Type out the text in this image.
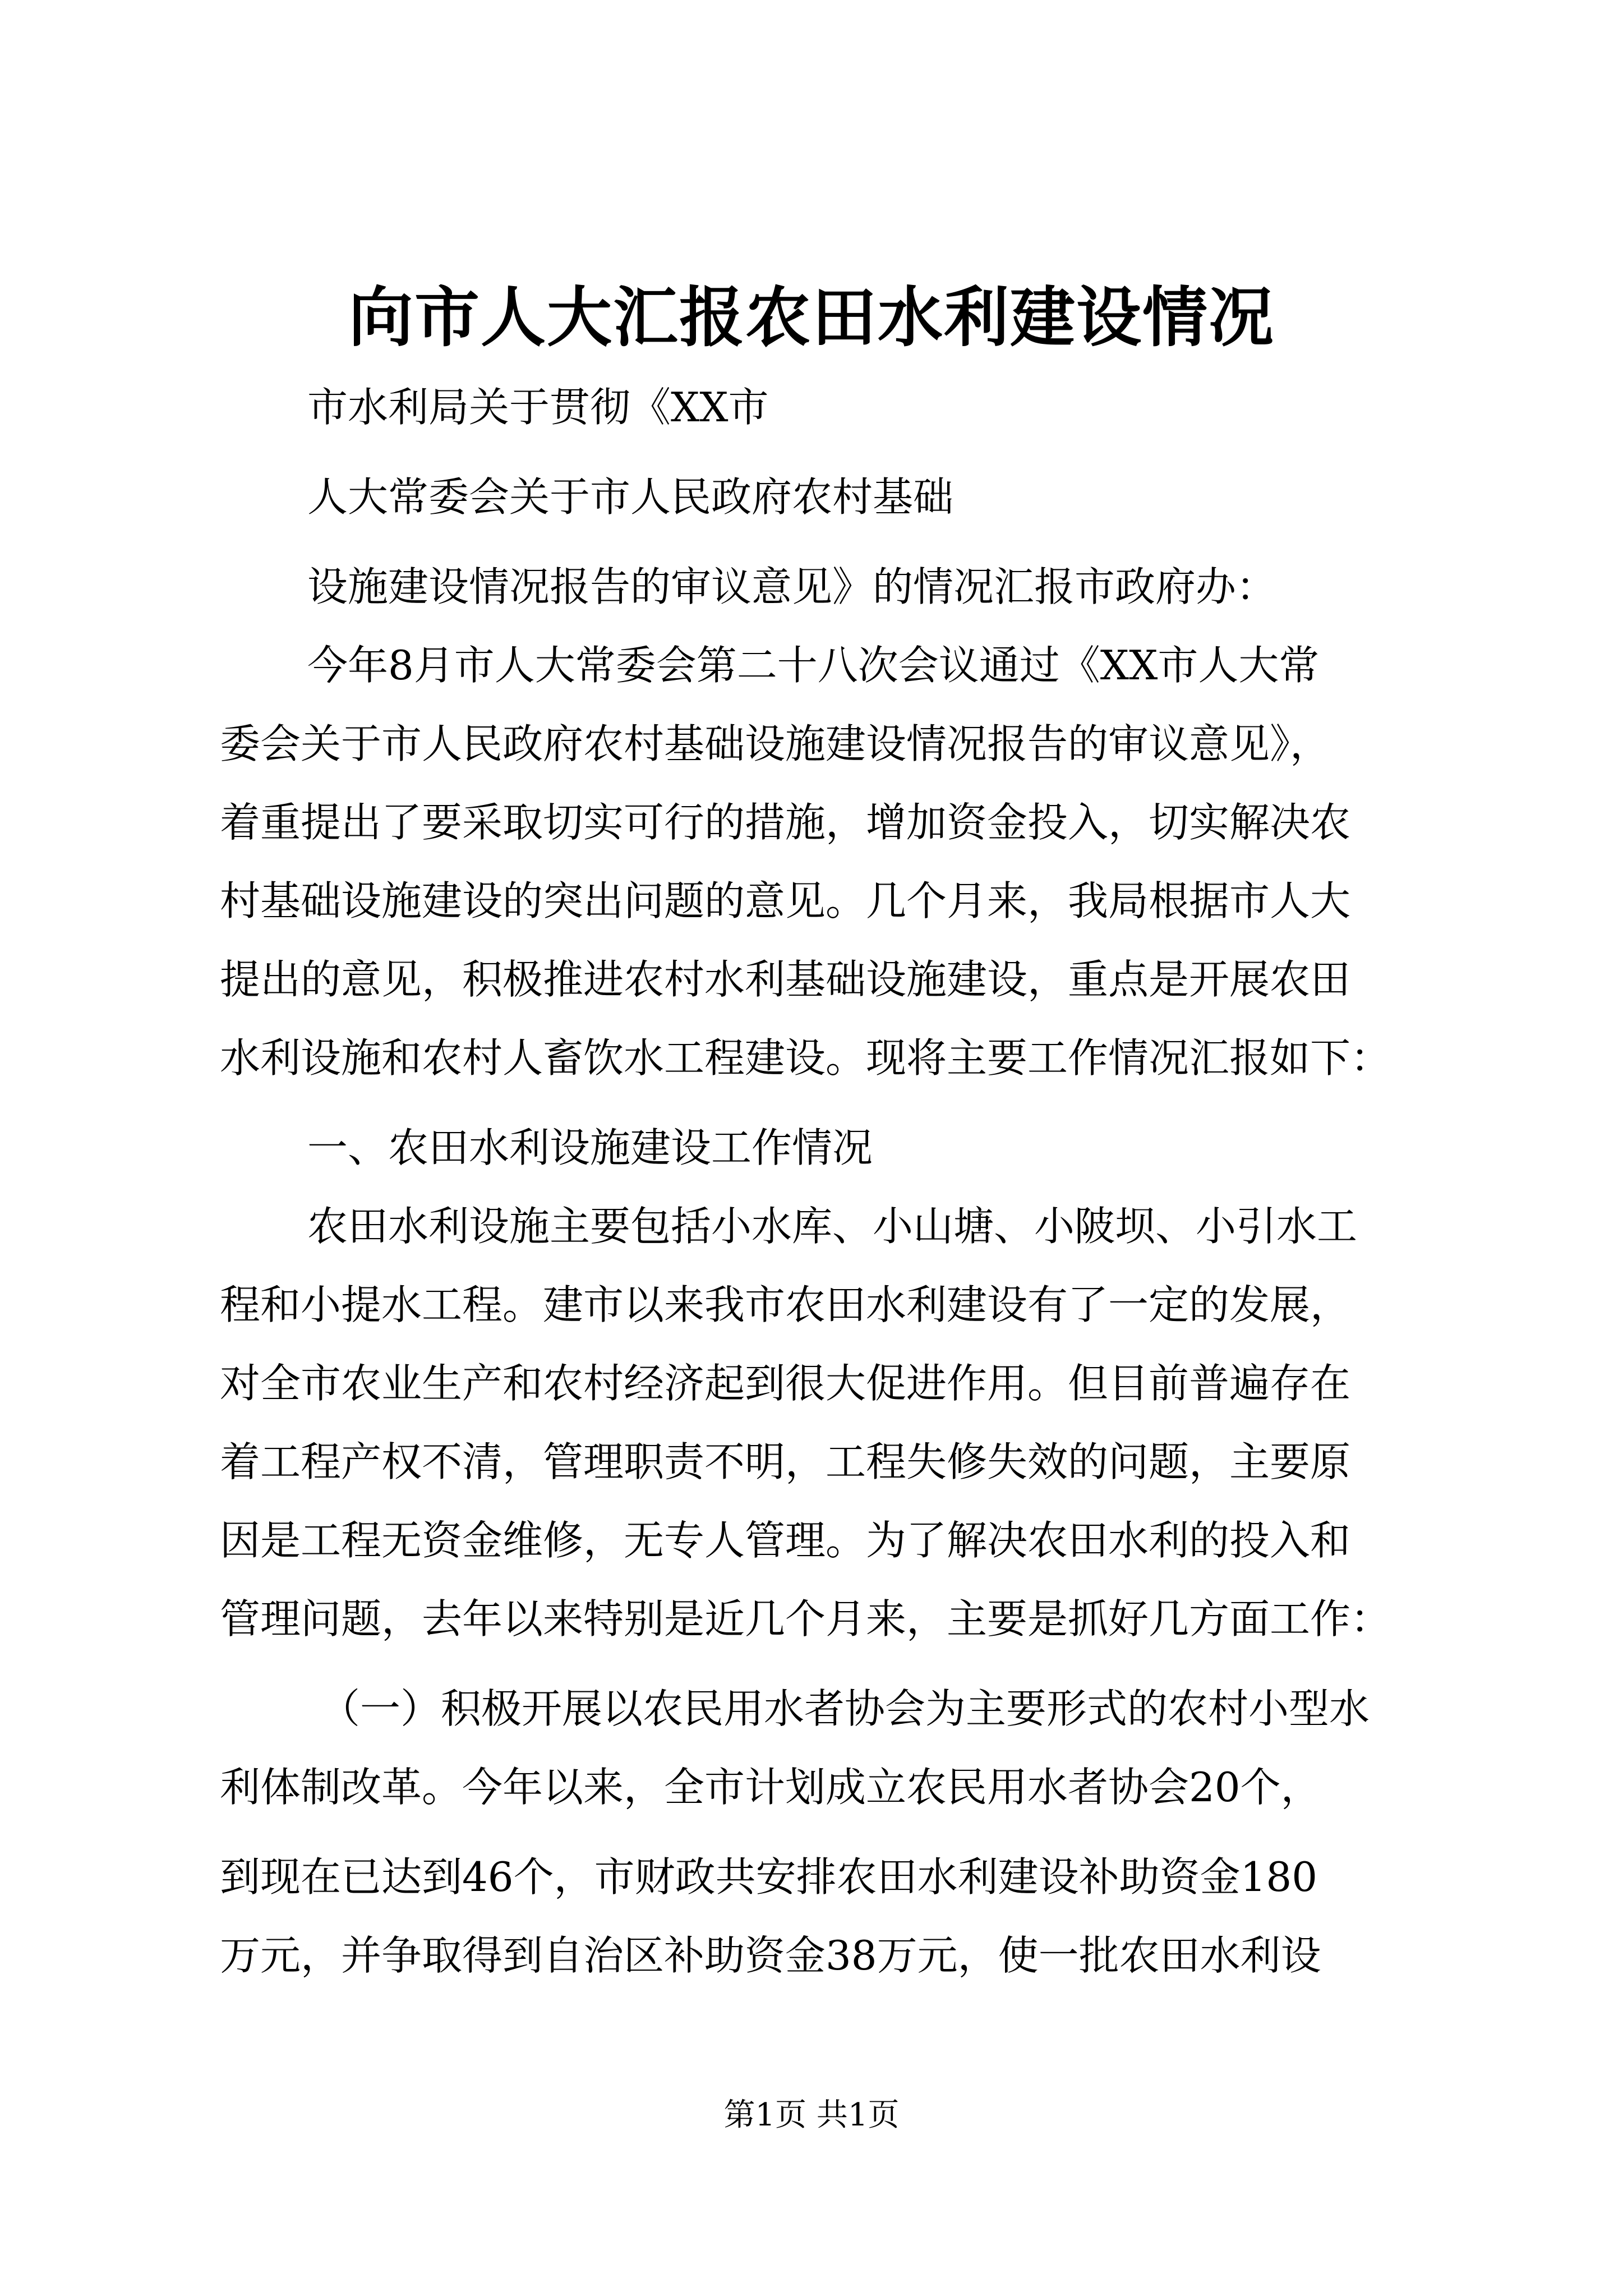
向市人大汇报农田水利建设情况

市水利局关于贯彻《XX市

人大常委会关于市人民政府农村基础

设施建设情况报告的审议意见》的情况汇报市政府办：

今年8月市人大常委会第二十八次会议通过《XX市人大常

委会关于市人民政府农村基础设施建设情况报告的审议意见》，

着重提出了要采取切实可行的措施，增加资金投入，切实解决农

村基础设施建设的突出问题的意见。几个月来，我局根据市人大

提出的意见，积极推进农村水利基础设施建设，重点是开展农田

水利设施和农村人畜饮水工程建设。现将主要工作情况汇报如下：

一、农田水利设施建设工作情况

农田水利设施主要包括小水库、小山塘、小陂坝、小引水工

程和小提水工程。建市以来我市农田水利建设有了一定的发展，

对全市农业生产和农村经济起到很大促进作用。但目前普遍存在

着工程产权不清，管理职责不明，工程失修失效的问题，主要原

因是工程无资金维修，无专人管理。为了解决农田水利的投入和

管理问题，去年以来特别是近几个月来，主要是抓好几方面工作：

（一）积极开展以农民用水者协会为主要形式的农村小型水

利体制改革。今年以来，全市计划成立农民用水者协会20个，

到现在已达到46个，市财政共安排农田水利建设补助资金180

万元，并争取得到自治区补助资金38万元，使一批农田水利设

第1页 共1页
